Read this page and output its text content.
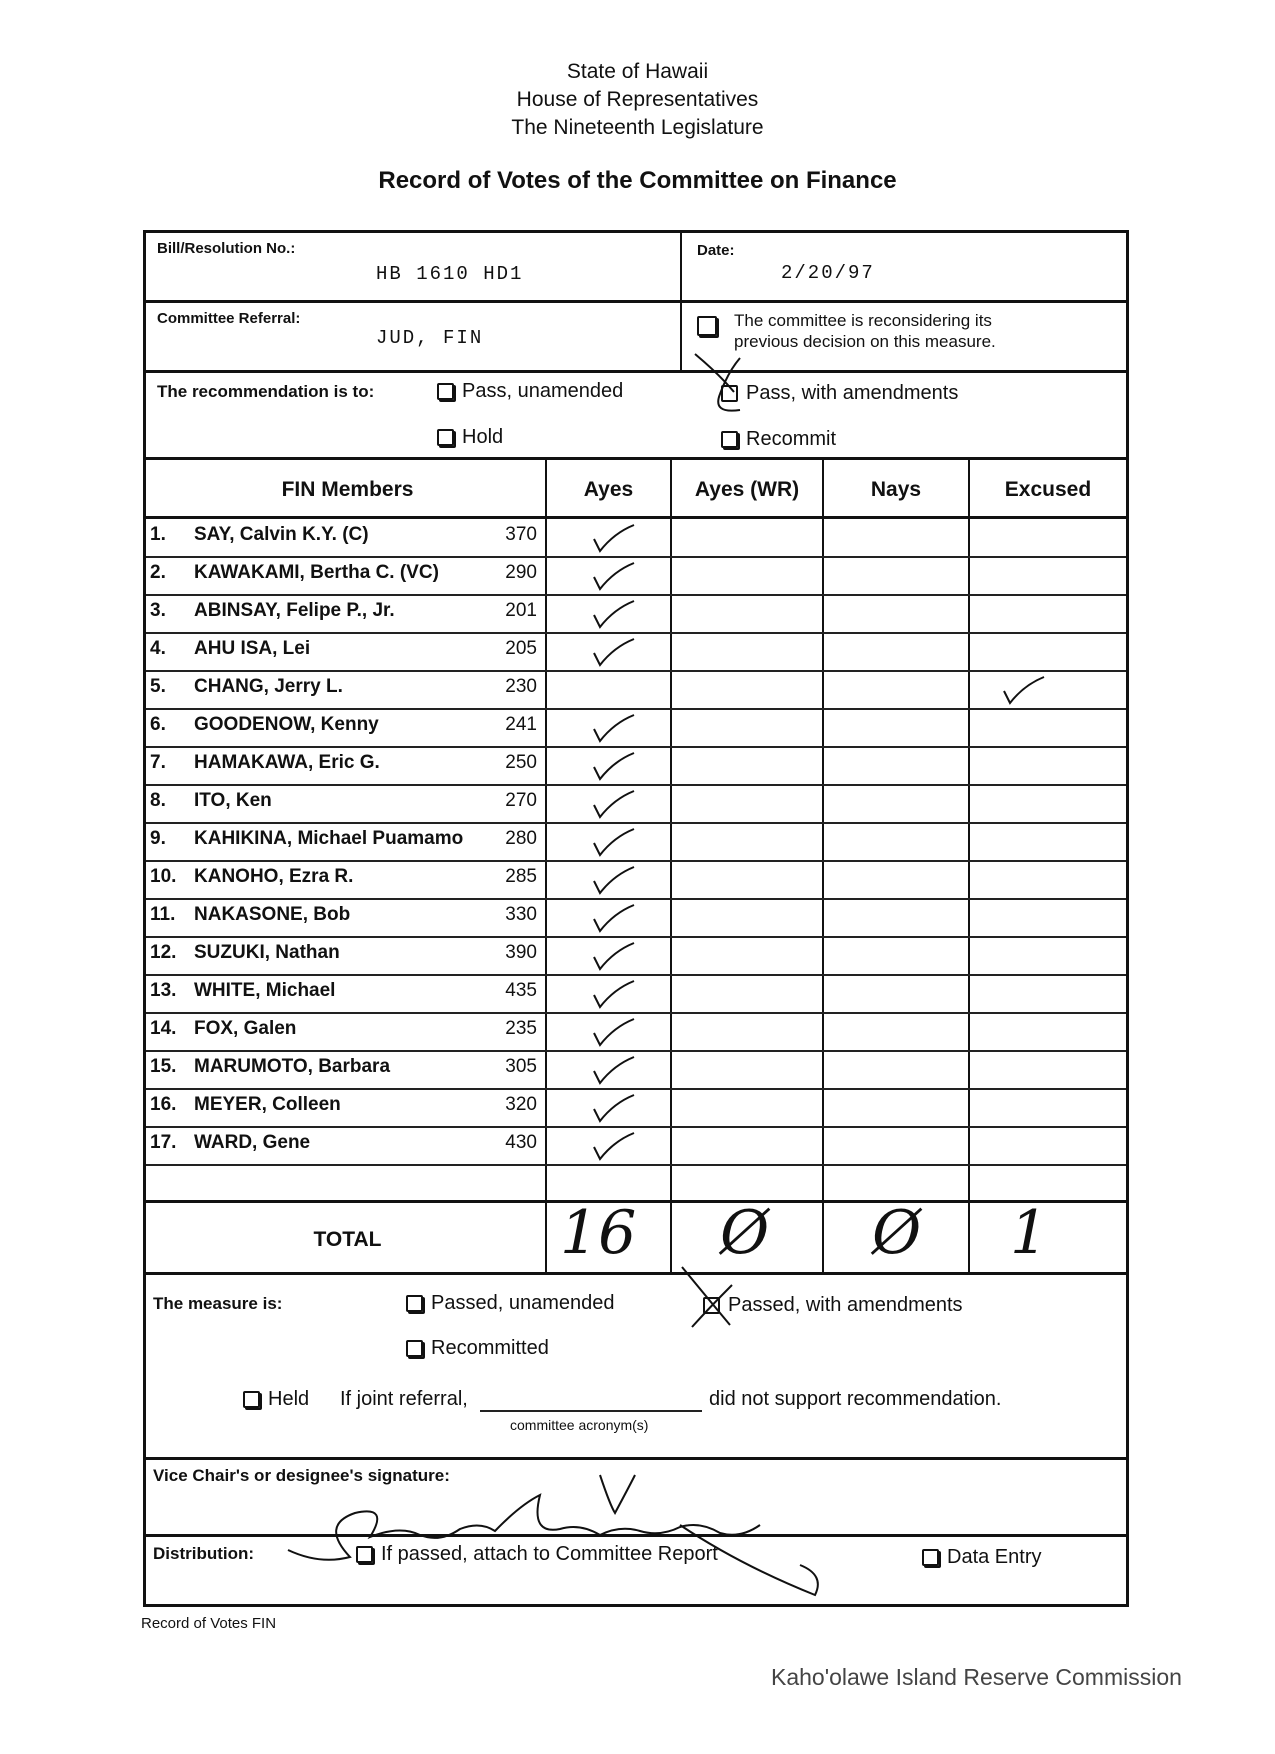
State of Hawaii
House of Representatives
The Nineteenth Legislature
Record of Votes of the Committee on Finance
Bill/Resolution No.:
HB 1610 HD1
Date:
2/20/97
Committee Referral:
JUD, FIN
The committee is reconsidering its
previous decision on this measure.
The recommendation is to:	Pass, unamended	Pass, with amendments
Hold	Recommit
FIN Members	Ayes	Ayes (WR)	Nays	Excused
1. SAY, Calvin K.Y. (C)	370
2. KAWAKAMI, Bertha C. (VC)	290
3. ABINSAY, Felipe P., Jr.	201
4. AHU ISA, Lei	205
5. CHANG, Jerry L.	230
6. GOODENOW, Kenny	241
7. HAMAKAWA, Eric G.	250
8. ITO, Ken	270
9. KAHIKINA, Michael Puamamo 280
10. KANOHO, Ezra R.	285
11. NAKASONE, Bob	330
12. SUZUKI, Nathan	390
13. WHITE, Michael	435
14. FOX, Galen	235
15. MARUMOTO, Barbara	305
16. MEYER, Colleen	320
17. WARD, Gene	430
TOTAL	16 Ø Ø 1
The measure is:	Passed, unamended	Passed, with amendments
Recommitted
Held If joint referral,	did not support recommendation.
committee acronym(s)
Vice Chair's or designee's signature:
Distribution:	If passed, attach to Committee Report	Data Entry
Record of Votes FIN
Kaho'olawe Island Reserve Commission
